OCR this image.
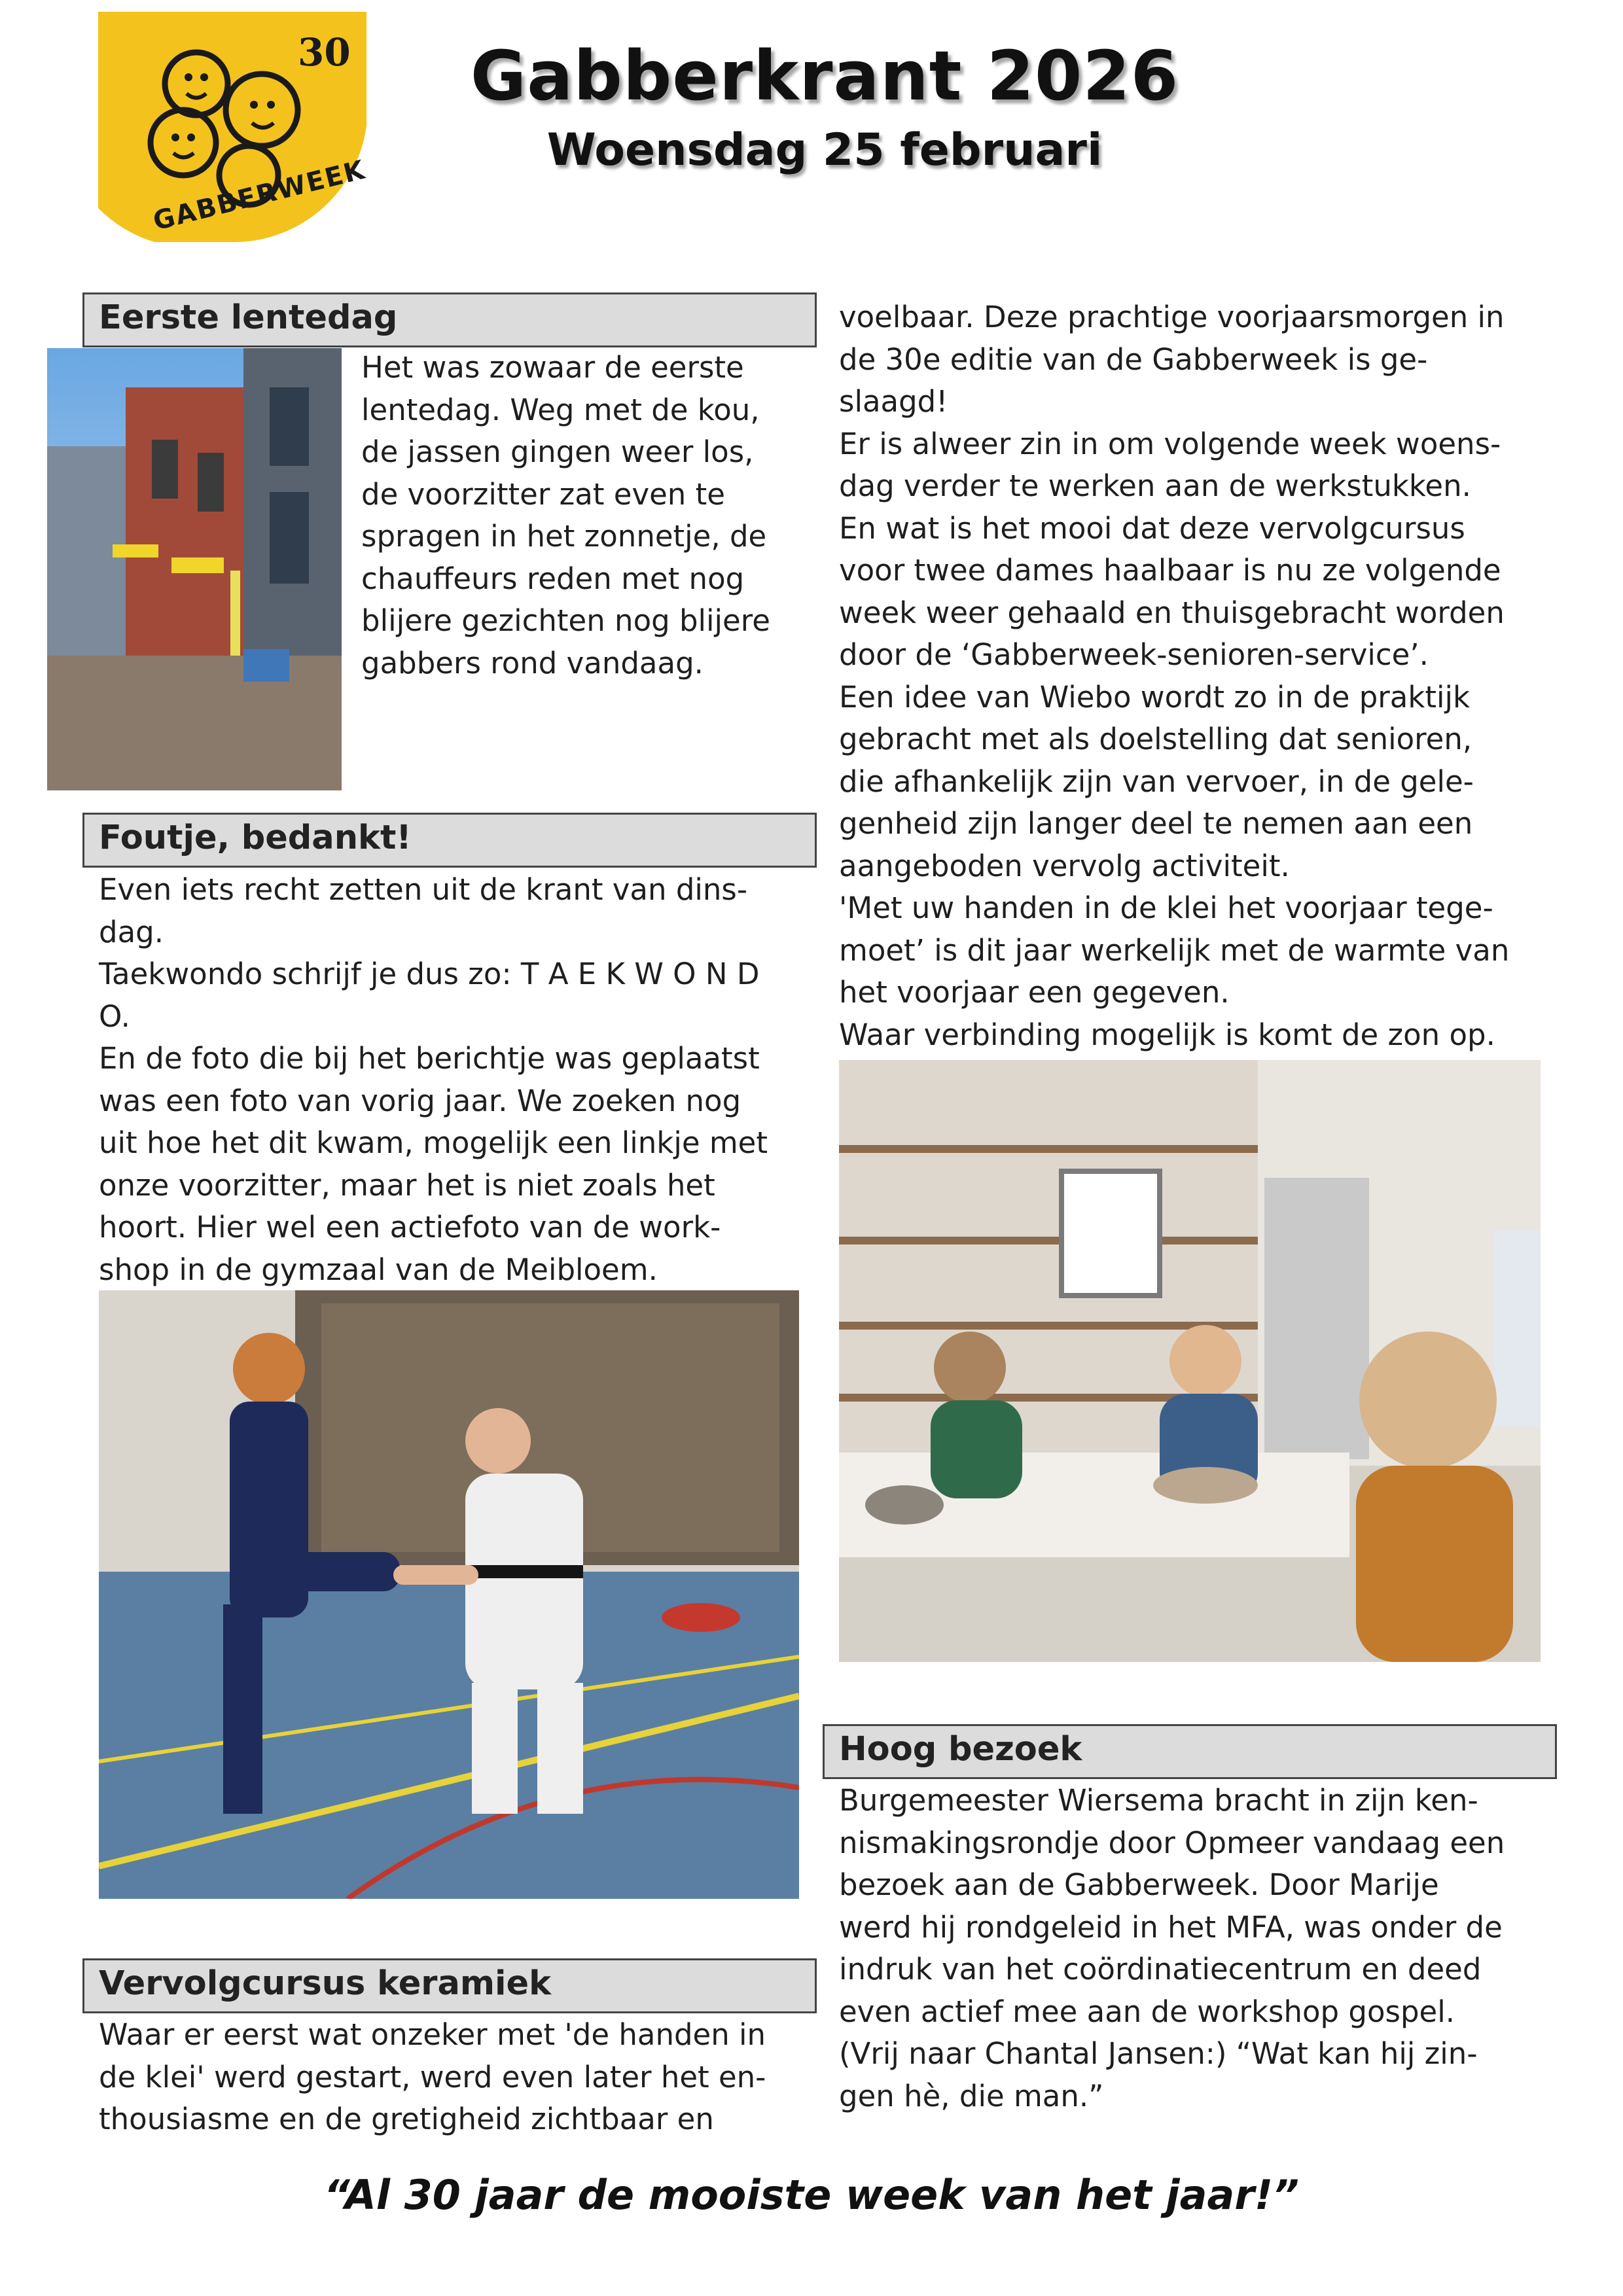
30
GABBERWEEK
Gabberkrant 2026
Woensdag 25 februari
Eerste lentedag
Het was zowaar de eerste
lentedag. Weg met de kou,
de jassen gingen weer los,
de voorzitter zat even te
spragen in het zonnetje, de
chauffeurs reden met nog
blijere gezichten nog blijere
gabbers rond vandaag.
Foutje, bedankt!
Even iets recht zetten uit de krant van dins-
dag.
Taekwondo schrijf je dus zo: T A E K W O N D
O.
En de foto die bij het berichtje was geplaatst
was een foto van vorig jaar. We zoeken nog
uit hoe het dit kwam, mogelijk een linkje met
onze voorzitter, maar het is niet zoals het
hoort. Hier wel een actiefoto van de work-
shop in de gymzaal van de Meibloem.
Vervolgcursus keramiek
Waar er eerst wat onzeker met 'de handen in
de klei' werd gestart, werd even later het en-
thousiasme en de gretigheid zichtbaar en
voelbaar. Deze prachtige voorjaarsmorgen in
de 30e editie van de Gabberweek is ge-
slaagd!
Er is alweer zin in om volgende week woens-
dag verder te werken aan de werkstukken.
En wat is het mooi dat deze vervolgcursus
voor twee dames haalbaar is nu ze volgende
week weer gehaald en thuisgebracht worden
door de ‘Gabberweek-senioren-service’.
Een idee van Wiebo wordt zo in de praktijk
gebracht met als doelstelling dat senioren,
die afhankelijk zijn van vervoer, in de gele-
genheid zijn langer deel te nemen aan een
aangeboden vervolg activiteit.
'Met uw handen in de klei het voorjaar tege-
moet’ is dit jaar werkelijk met de warmte van
het voorjaar een gegeven.
Waar verbinding mogelijk is komt de zon op.
Hoog bezoek
Burgemeester Wiersema bracht in zijn ken-
nismakingsrondje door Opmeer vandaag een
bezoek aan de Gabberweek. Door Marije
werd hij rondgeleid in het MFA, was onder de
indruk van het coördinatiecentrum en deed
even actief mee aan de workshop gospel.
(Vrij naar Chantal Jansen:) “Wat kan hij zin-
gen hè, die man.”
“Al 30 jaar de mooiste week van het jaar!”
